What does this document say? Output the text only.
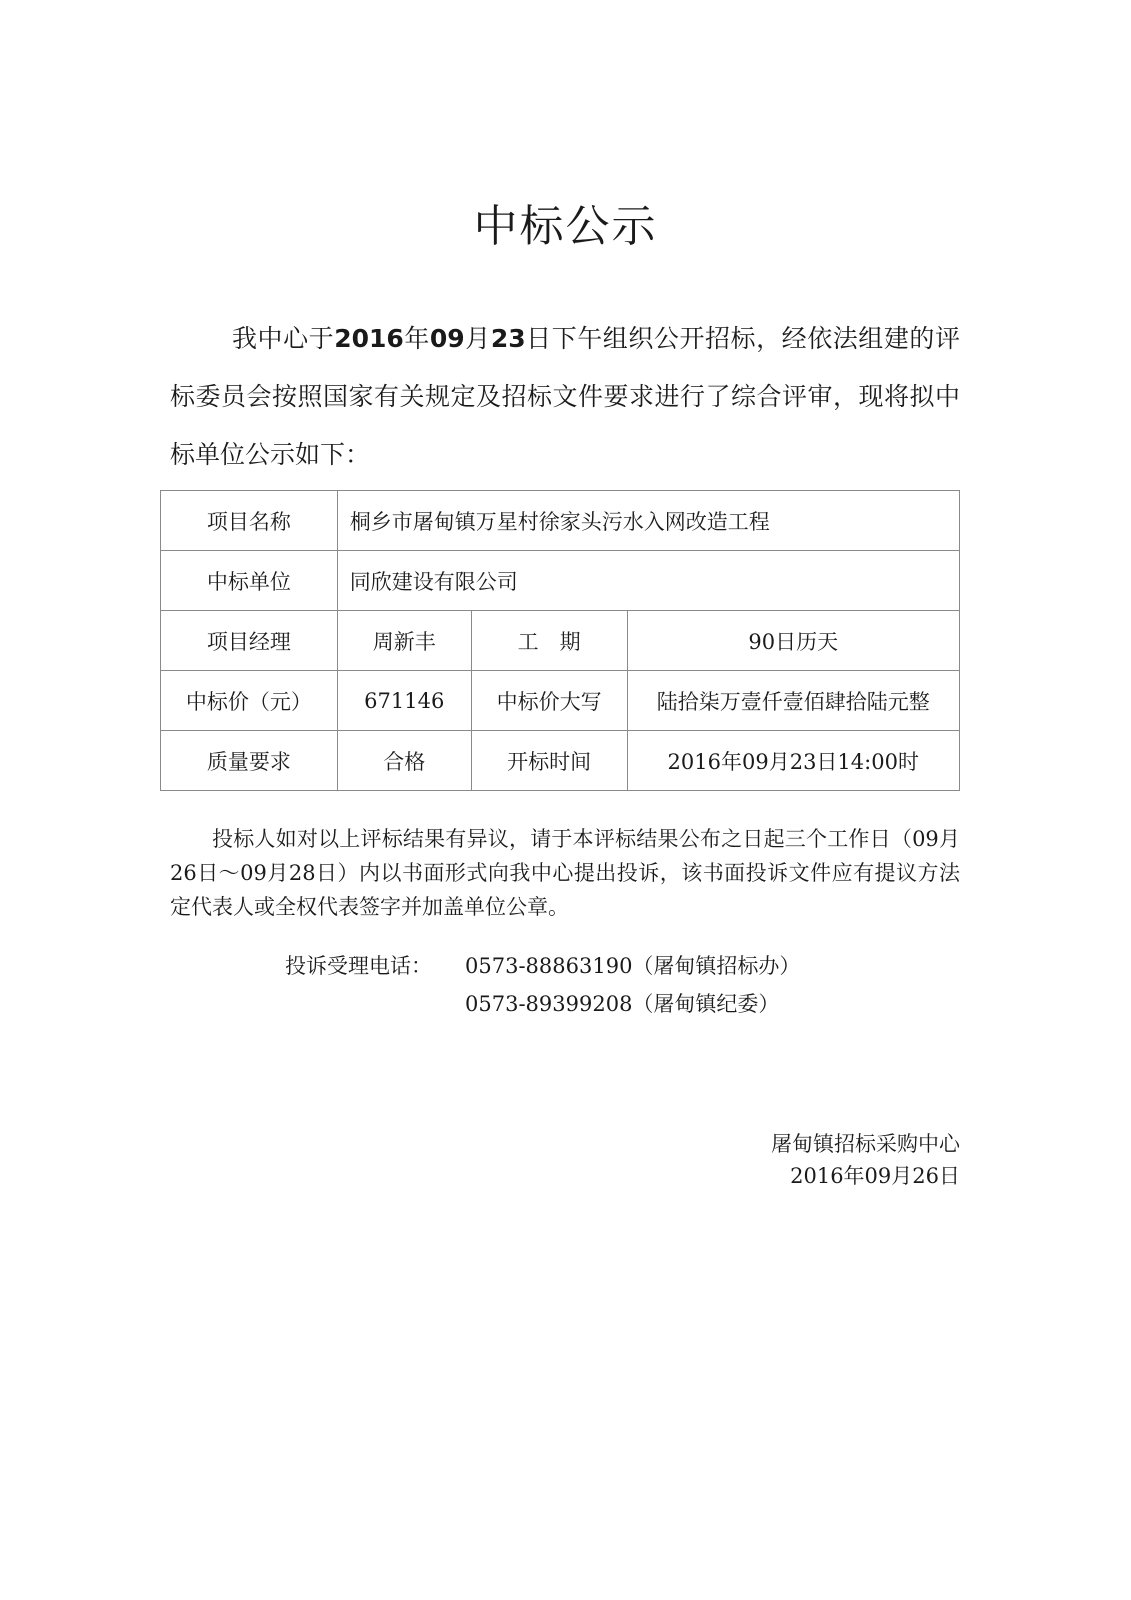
中标公示

我中心于2016年09月23日下午组织公开招标，经依法组建的评标委员会按照国家有关规定及招标文件要求进行了综合评审，现将拟中标单位公示如下：

项目名称	桐乡市屠甸镇万星村徐家头污水入网改造工程		
中标单位	同欣建设有限公司		
项目经理	周新丰	工　期	90日历天
中标价（元）	671146	中标价大写	陆拾柒万壹仟壹佰肆拾陆元整
质量要求	合格	开标时间	2016年09月23日14:00时

投标人如对以上评标结果有异议，请于本评标结果公布之日起三个工作日（09月26日～09月28日）内以书面形式向我中心提出投诉，该书面投诉文件应有提议方法定代表人或全权代表签字并加盖单位公章。

投诉受理电话： 0573-88863190（屠甸镇招标办）
0573-89399208（屠甸镇纪委）
屠甸镇招标采购中心
2016年09月26日
